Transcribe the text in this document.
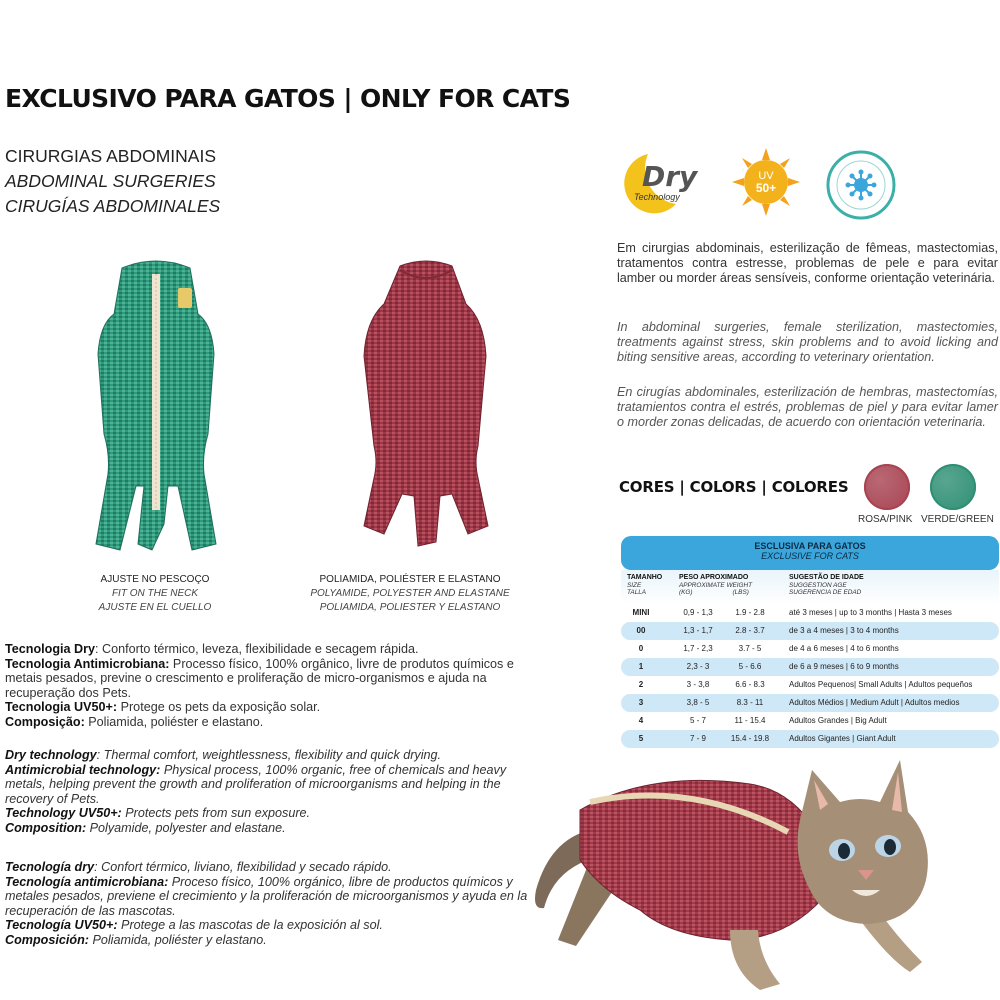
EXCLUSIVO PARA GATOS | ONLY FOR CATS
CIRURGIAS ABDOMINAIS
ABDOMINAL SURGERIES
CIRUGÍAS ABDOMINALES
AJUSTE NO PESCOÇO
FIT ON THE NECK
AJUSTE EN EL CUELLO
POLIAMIDA, POLIÉSTER E ELASTANO
POLYAMIDE, POLYESTER AND ELASTANE
POLIAMIDA, POLIESTER Y ELASTANO

Tecnologia Dry: Conforto térmico, leveza, flexibilidade e secagem rápida.

Tecnologia Antimicrobiana: Processo físico, 100% orgânico, livre de produtos químicos e metais pesados, previne o crescimento e proliferação de micro-organismos e ajuda na recuperação dos Pets.

Tecnologia UV50+: Protege os pets da exposição solar.

Composição: Poliamida, poliéster e elastano.

Dry technology: Thermal comfort, weightlessness, flexibility and quick drying.

Antimicrobial technology: Physical process, 100% organic, free of chemicals and heavy metals, helping prevent the growth and proliferation of microorganisms and helping in the recovery of Pets.

Technology UV50+: Protects pets from sun exposure.

Composition: Polyamide, polyester and elastane.

Tecnología dry: Confort térmico, liviano, flexibilidad y secado rápido.

Tecnología antimicrobiana: Proceso físico, 100% orgánico, libre de productos químicos y metales pesados, previene el crecimiento y la proliferación de microorganismos y ayuda en la recuperación de las mascotas.

Tecnología UV50+: Protege a las mascotas de la exposición al sol.

Composición: Poliamida, poliéster y elastano.

Dry
Technology
UV
50+
Em cirurgias abdominais, esterilização de fêmeas, mastectomias, tratamentos contra estresse, problemas de pele e para evitar lamber ou morder áreas sensíveis, conforme orientação veterinária.
In abdominal surgeries, female sterilization, mastectomies, treatments against stress, skin problems and to avoid licking and biting sensitive areas, according to veterinary orientation.
En cirugías abdominales, esterilización de hembras, mastectomías, tratamientos contra el estrés, problemas de piel y para evitar lamer o morder zonas delicadas, de acuerdo con orientación veterinaria.
CORES | COLORS | COLORES
ROSA/PINK VERDE/GREEN
ESCLUSIVA PARA GATOS
EXCLUSIVE FOR CATS
TAMANHO
SIZE
TALLA
PESO APROXIMADO
APPROXIMATE WEIGHT
(KG)	(LBS)
SUGESTÃO DE IDADE
SUGGESTION AGE
SUGERENCIA DE EDAD
MINI	0,9 - 1,3	1.9 - 2.8	até 3 meses | up to 3 months | Hasta 3 meses
00	1,3 - 1,7	2.8 - 3.7	de 3 a 4 meses | 3 to 4 months
0	1,7 - 2,3	3.7 - 5	de 4 a 6 meses | 4 to 6 months
1	2,3 - 3	5 - 6.6	de 6 a 9 meses | 6 to 9 months
2	3 - 3,8	6.6 - 8.3	Adultos Pequenos| Small Adults | Adultos pequeños
3	3,8 - 5	8.3 - 11	Adultos Médios | Medium Adult | Adultos medios
4	5 - 7	11 - 15.4	Adultos Grandes | Big Adult
5	7 - 9	15.4 - 19.8	Adultos Gigantes | Giant Adult
